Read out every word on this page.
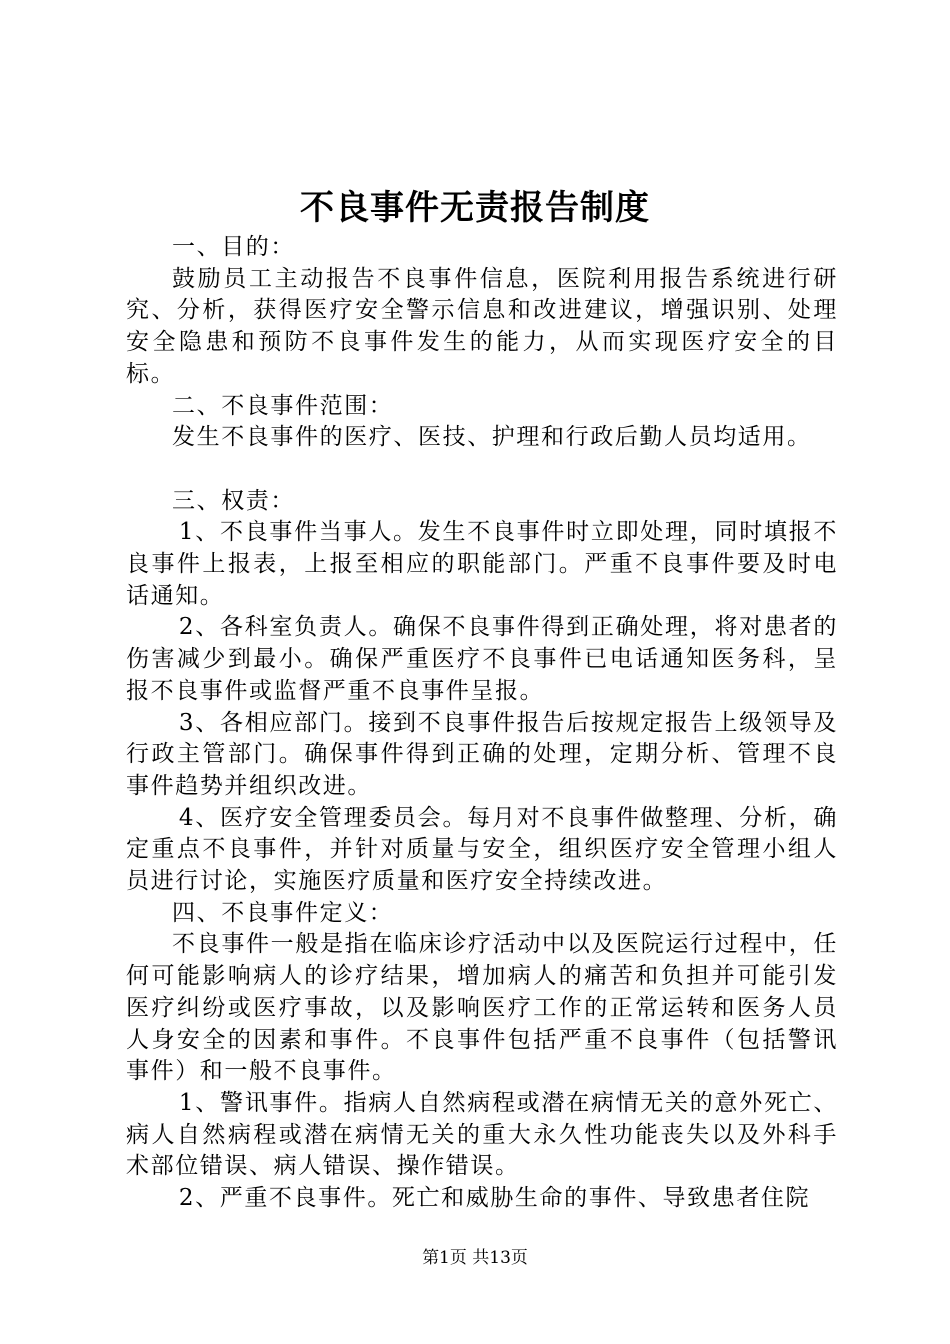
不良事件无责报告制度

一、目的：

鼓励员工主动报告不良事件信息，医院利用报告系统进行研究、分析，获得医疗安全警示信息和改进建议，增强识别、处理安全隐患和预防不良事件发生的能力，从而实现医疗安全的目标。

二、不良事件范围：

发生不良事件的医疗、医技、护理和行政后勤人员均适用。

三、权责：

1、不良事件当事人。发生不良事件时立即处理，同时填报不良事件上报表，上报至相应的职能部门。严重不良事件要及时电话通知。

2、各科室负责人。确保不良事件得到正确处理，将对患者的伤害减少到最小。确保严重医疗不良事件已电话通知医务科，呈报不良事件或监督严重不良事件呈报。

3、各相应部门。接到不良事件报告后按规定报告上级领导及行政主管部门。确保事件得到正确的处理，定期分析、管理不良事件趋势并组织改进。

4、医疗安全管理委员会。每月对不良事件做整理、分析，确定重点不良事件，并针对质量与安全，组织医疗安全管理小组人员进行讨论，实施医疗质量和医疗安全持续改进。

四、不良事件定义：

不良事件一般是指在临床诊疗活动中以及医院运行过程中，任何可能影响病人的诊疗结果，增加病人的痛苦和负担并可能引发医疗纠纷或医疗事故，以及影响医疗工作的正常运转和医务人员人身安全的因素和事件。不良事件包括严重不良事件（包括警讯事件）和一般不良事件。

1、警讯事件。指病人自然病程或潜在病情无关的意外死亡、病人自然病程或潜在病情无关的重大永久性功能丧失以及外科手术部位错误、病人错误、操作错误。

2、严重不良事件。死亡和威胁生命的事件、导致患者住院

第1页 共13页
